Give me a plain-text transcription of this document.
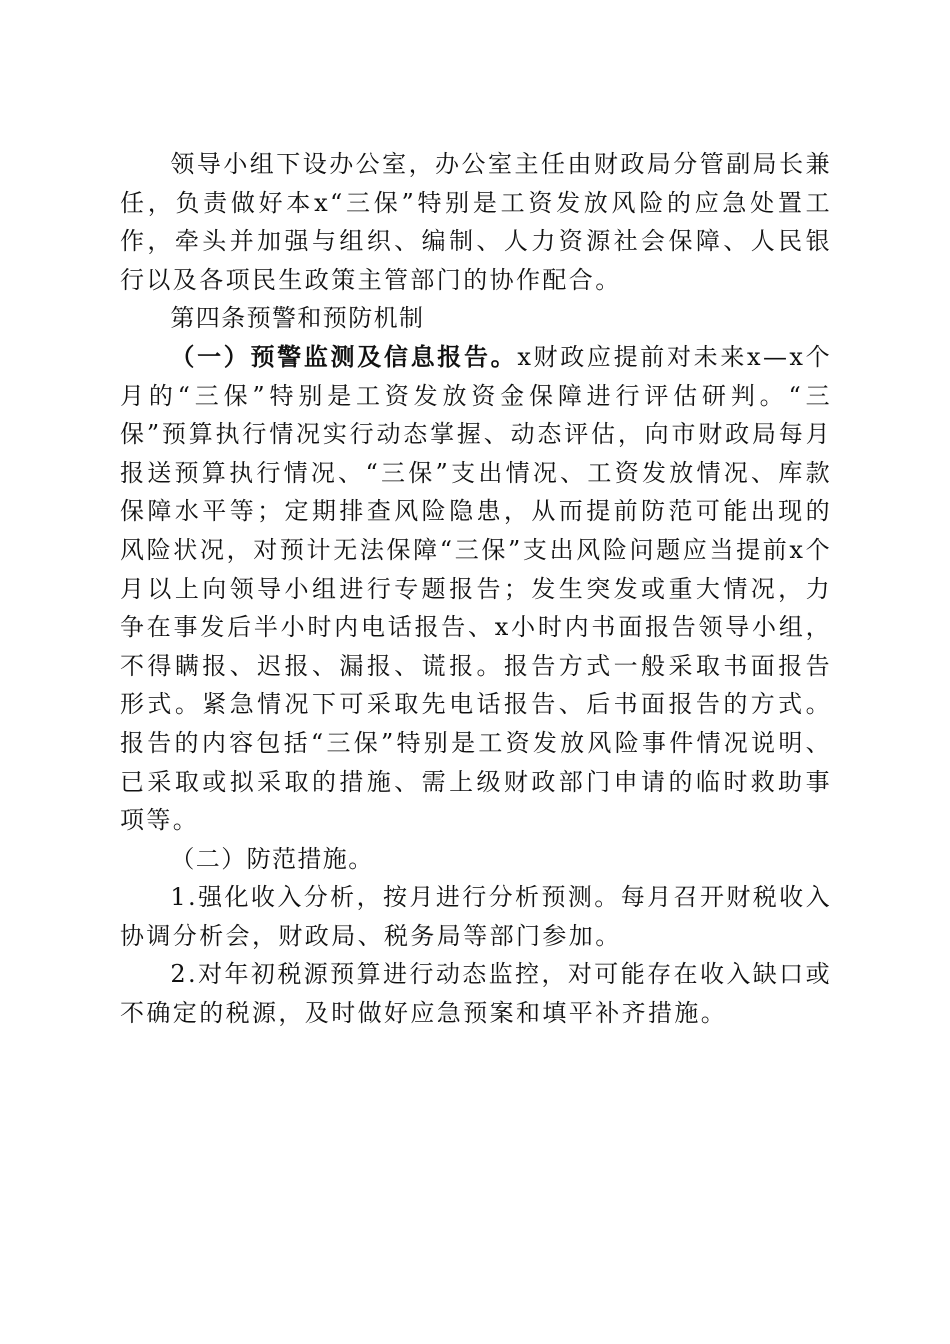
领导小组下设办公室，办公室主任由财政局分管副局长兼任，负责做好本x“三保”特别是工资发放风险的应急处置工作，牵头并加强与组织、编制、人力资源社会保障、人民银行以及各项民生政策主管部门的协作配合。

第四条预警和预防机制

（一）预警监测及信息报告。x财政应提前对未来x—x个月的“三保”特别是工资发放资金保障进行评估研判。“三保”预算执行情况实行动态掌握、动态评估，向市财政局每月报送预算执行情况、“三保”支出情况、工资发放情况、库款保障水平等；定期排查风险隐患，从而提前防范可能出现的风险状况，对预计无法保障“三保”支出风险问题应当提前x个月以上向领导小组进行专题报告；发生突发或重大情况，力争在事发后半小时内电话报告、x小时内书面报告领导小组，不得瞒报、迟报、漏报、谎报。报告方式一般采取书面报告形式。紧急情况下可采取先电话报告、后书面报告的方式。报告的内容包括“三保”特别是工资发放风险事件情况说明、已采取或拟采取的措施、需上级财政部门申请的临时救助事项等。

（二）防范措施。

1.强化收入分析，按月进行分析预测。每月召开财税收入协调分析会，财政局、税务局等部门参加。

2.对年初税源预算进行动态监控，对可能存在收入缺口或不确定的税源，及时做好应急预案和填平补齐措施。
